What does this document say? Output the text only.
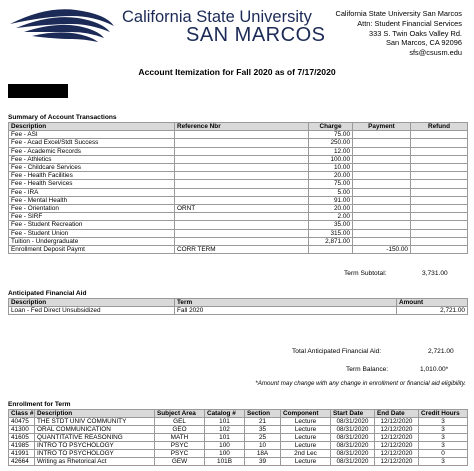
California State University
SAN MARCOS
California State University San Marcos
Attn: Student Financial Services
333 S. Twin Oaks Valley Rd.
San Marcos, CA 92096
sfs@csusm.edu
Account Itemization for Fall 2020 as of 7/17/2020
Summary of Account Transactions
Description	Reference Nbr	Charge	Payment	Refund
Fee - ASI		75.00		
Fee - Acad Excel/Stdt Success		250.00		
Fee - Academic Records		12.00		
Fee - Athletics		100.00		
Fee - Childcare Services		10.00		
Fee - Health Facilities		20.00		
Fee - Health Services		75.00		
Fee - IRA		5.00		
Fee - Mental Health		91.00		
Fee - Orientation	ORNT	20.00		
Fee - SIRF		2.00		
Fee - Student Recreation		35.00		
Fee - Student Union		315.00		
Tuition - Undergraduate		2,871.00		
Enrollment Deposit Paymt	CORR TERM		-150.00	
Term Subtotal:	3,731.00
Anticipated Financial Aid
Description	Term	Amount
Loan - Fed Direct Unsubsidized	Fall 2020	2,721.00
Total Anticipated Financial Aid:	2,721.00
Term Balance:	1,010.00*
*Amount may change with any change in enrollment or financial aid eligibility.
Enrollment for Term
Class #	Description	Subject Area	Catalog #	Section	Component	Start Date	End Date	Credit Hours
40475	THE STDT UNIV COMMUNITY	GEL	101	21	Lecture	08/31/2020	12/12/2020	3
41300	ORAL COMMUNICATION	GEO	102	35	Lecture	08/31/2020	12/12/2020	3
41605	QUANTITATIVE REASONING	MATH	101	25	Lecture	08/31/2020	12/12/2020	3
41985	INTRO TO PSYCHOLOGY	PSYC	100	10	Lecture	08/31/2020	12/12/2020	3
41991	INTRO TO PSYCHOLOGY	PSYC	100	18A	2nd Lec	08/31/2020	12/12/2020	0
42664	Writing as Rhetorical Act	GEW	101B	39	Lecture	08/31/2020	12/12/2020	3
